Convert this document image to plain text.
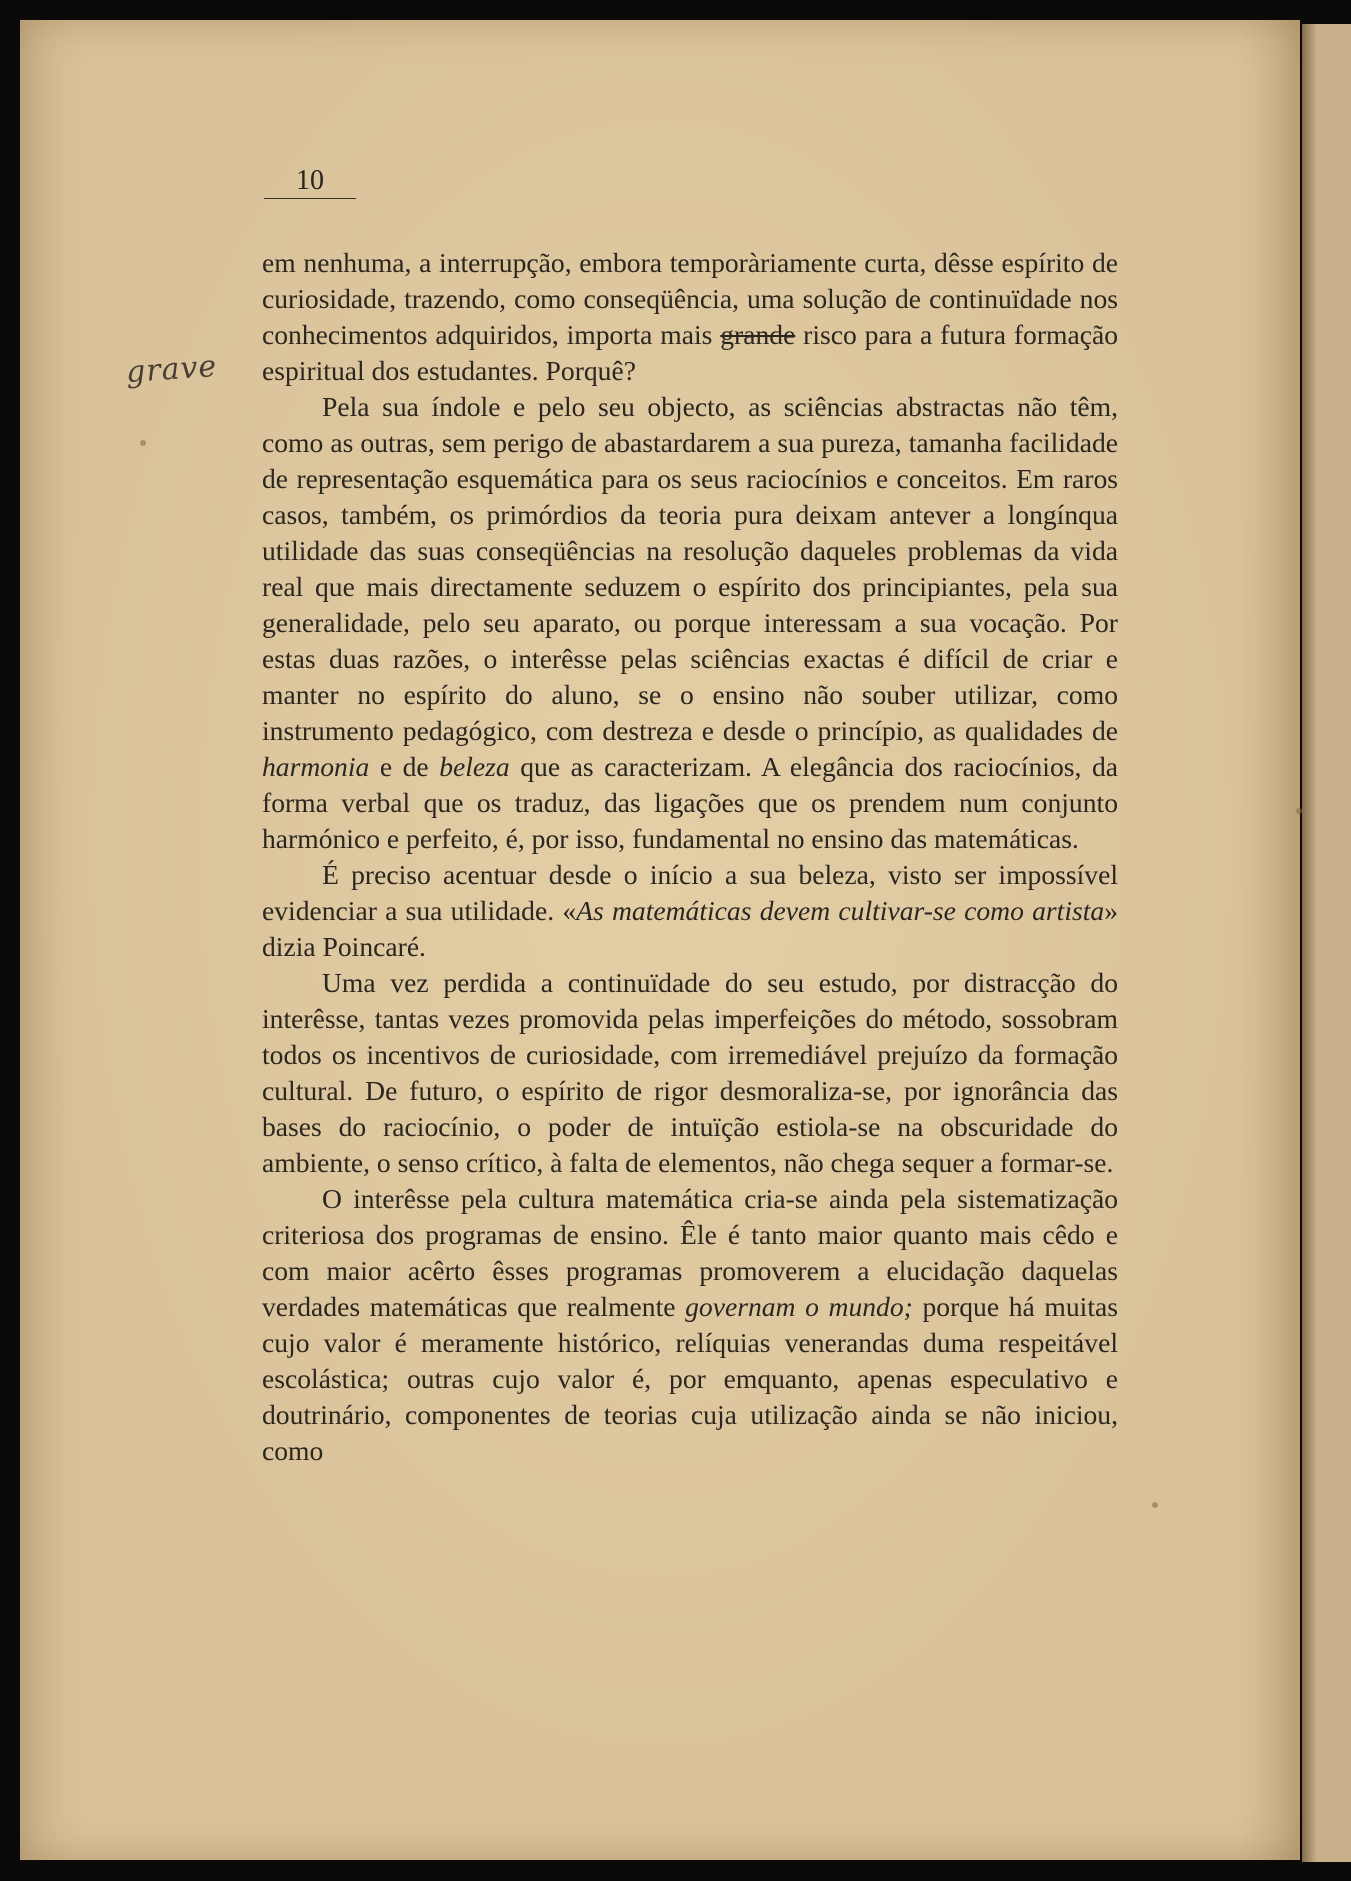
10
grave

em nenhuma, a interrupção, embora temporàriamente curta, dêsse espírito de curiosidade, trazendo, como conseqüência, uma solução de continuïdade nos conhecimentos adquiridos, importa mais grande risco para a futura formação espiritual dos estudantes. Porquê?

Pela sua índole e pelo seu objecto, as sciências abstractas não têm, como as outras, sem perigo de abastardarem a sua pureza, tamanha facilidade de representação esquemática para os seus raciocínios e conceitos. Em raros casos, também, os primórdios da teoria pura deixam antever a longínqua utilidade das suas conseqüências na resolução daqueles problemas da vida real que mais directamente seduzem o espírito dos principiantes, pela sua generalidade, pelo seu aparato, ou porque interessam a sua vocação. Por estas duas razões, o interêsse pelas sciências exactas é difícil de criar e manter no espírito do aluno, se o ensino não souber utilizar, como instrumento pedagógico, com destreza e desde o princípio, as qualidades de harmonia e de beleza que as caracterizam. A elegância dos raciocínios, da forma verbal que os traduz, das ligações que os prendem num conjunto harmónico e perfeito, é, por isso, fundamental no ensino das matemáticas.

É preciso acentuar desde o início a sua beleza, visto ser impossível evidenciar a sua utilidade. «As matemáticas devem cultivar-se como artista» dizia Poincaré.

Uma vez perdida a continuïdade do seu estudo, por distracção do interêsse, tantas vezes promovida pelas imperfeições do método, sossobram todos os incentivos de curiosidade, com irremediável prejuízo da formação cultural. De futuro, o espírito de rigor desmoraliza-se, por ignorância das bases do raciocínio, o poder de intuïção estiola-se na obscuridade do ambiente, o senso crítico, à falta de elementos, não chega sequer a formar-se.

O interêsse pela cultura matemática cria-se ainda pela sistematização criteriosa dos programas de ensino. Êle é tanto maior quanto mais cêdo e com maior acêrto êsses programas promoverem a elucidação daquelas verdades matemáticas que realmente governam o mundo; porque há muitas cujo valor é meramente histórico, relíquias venerandas duma respeitável escolástica; outras cujo valor é, por emquanto, apenas especulativo e doutrinário, componentes de teorias cuja utilização ainda se não iniciou, como
